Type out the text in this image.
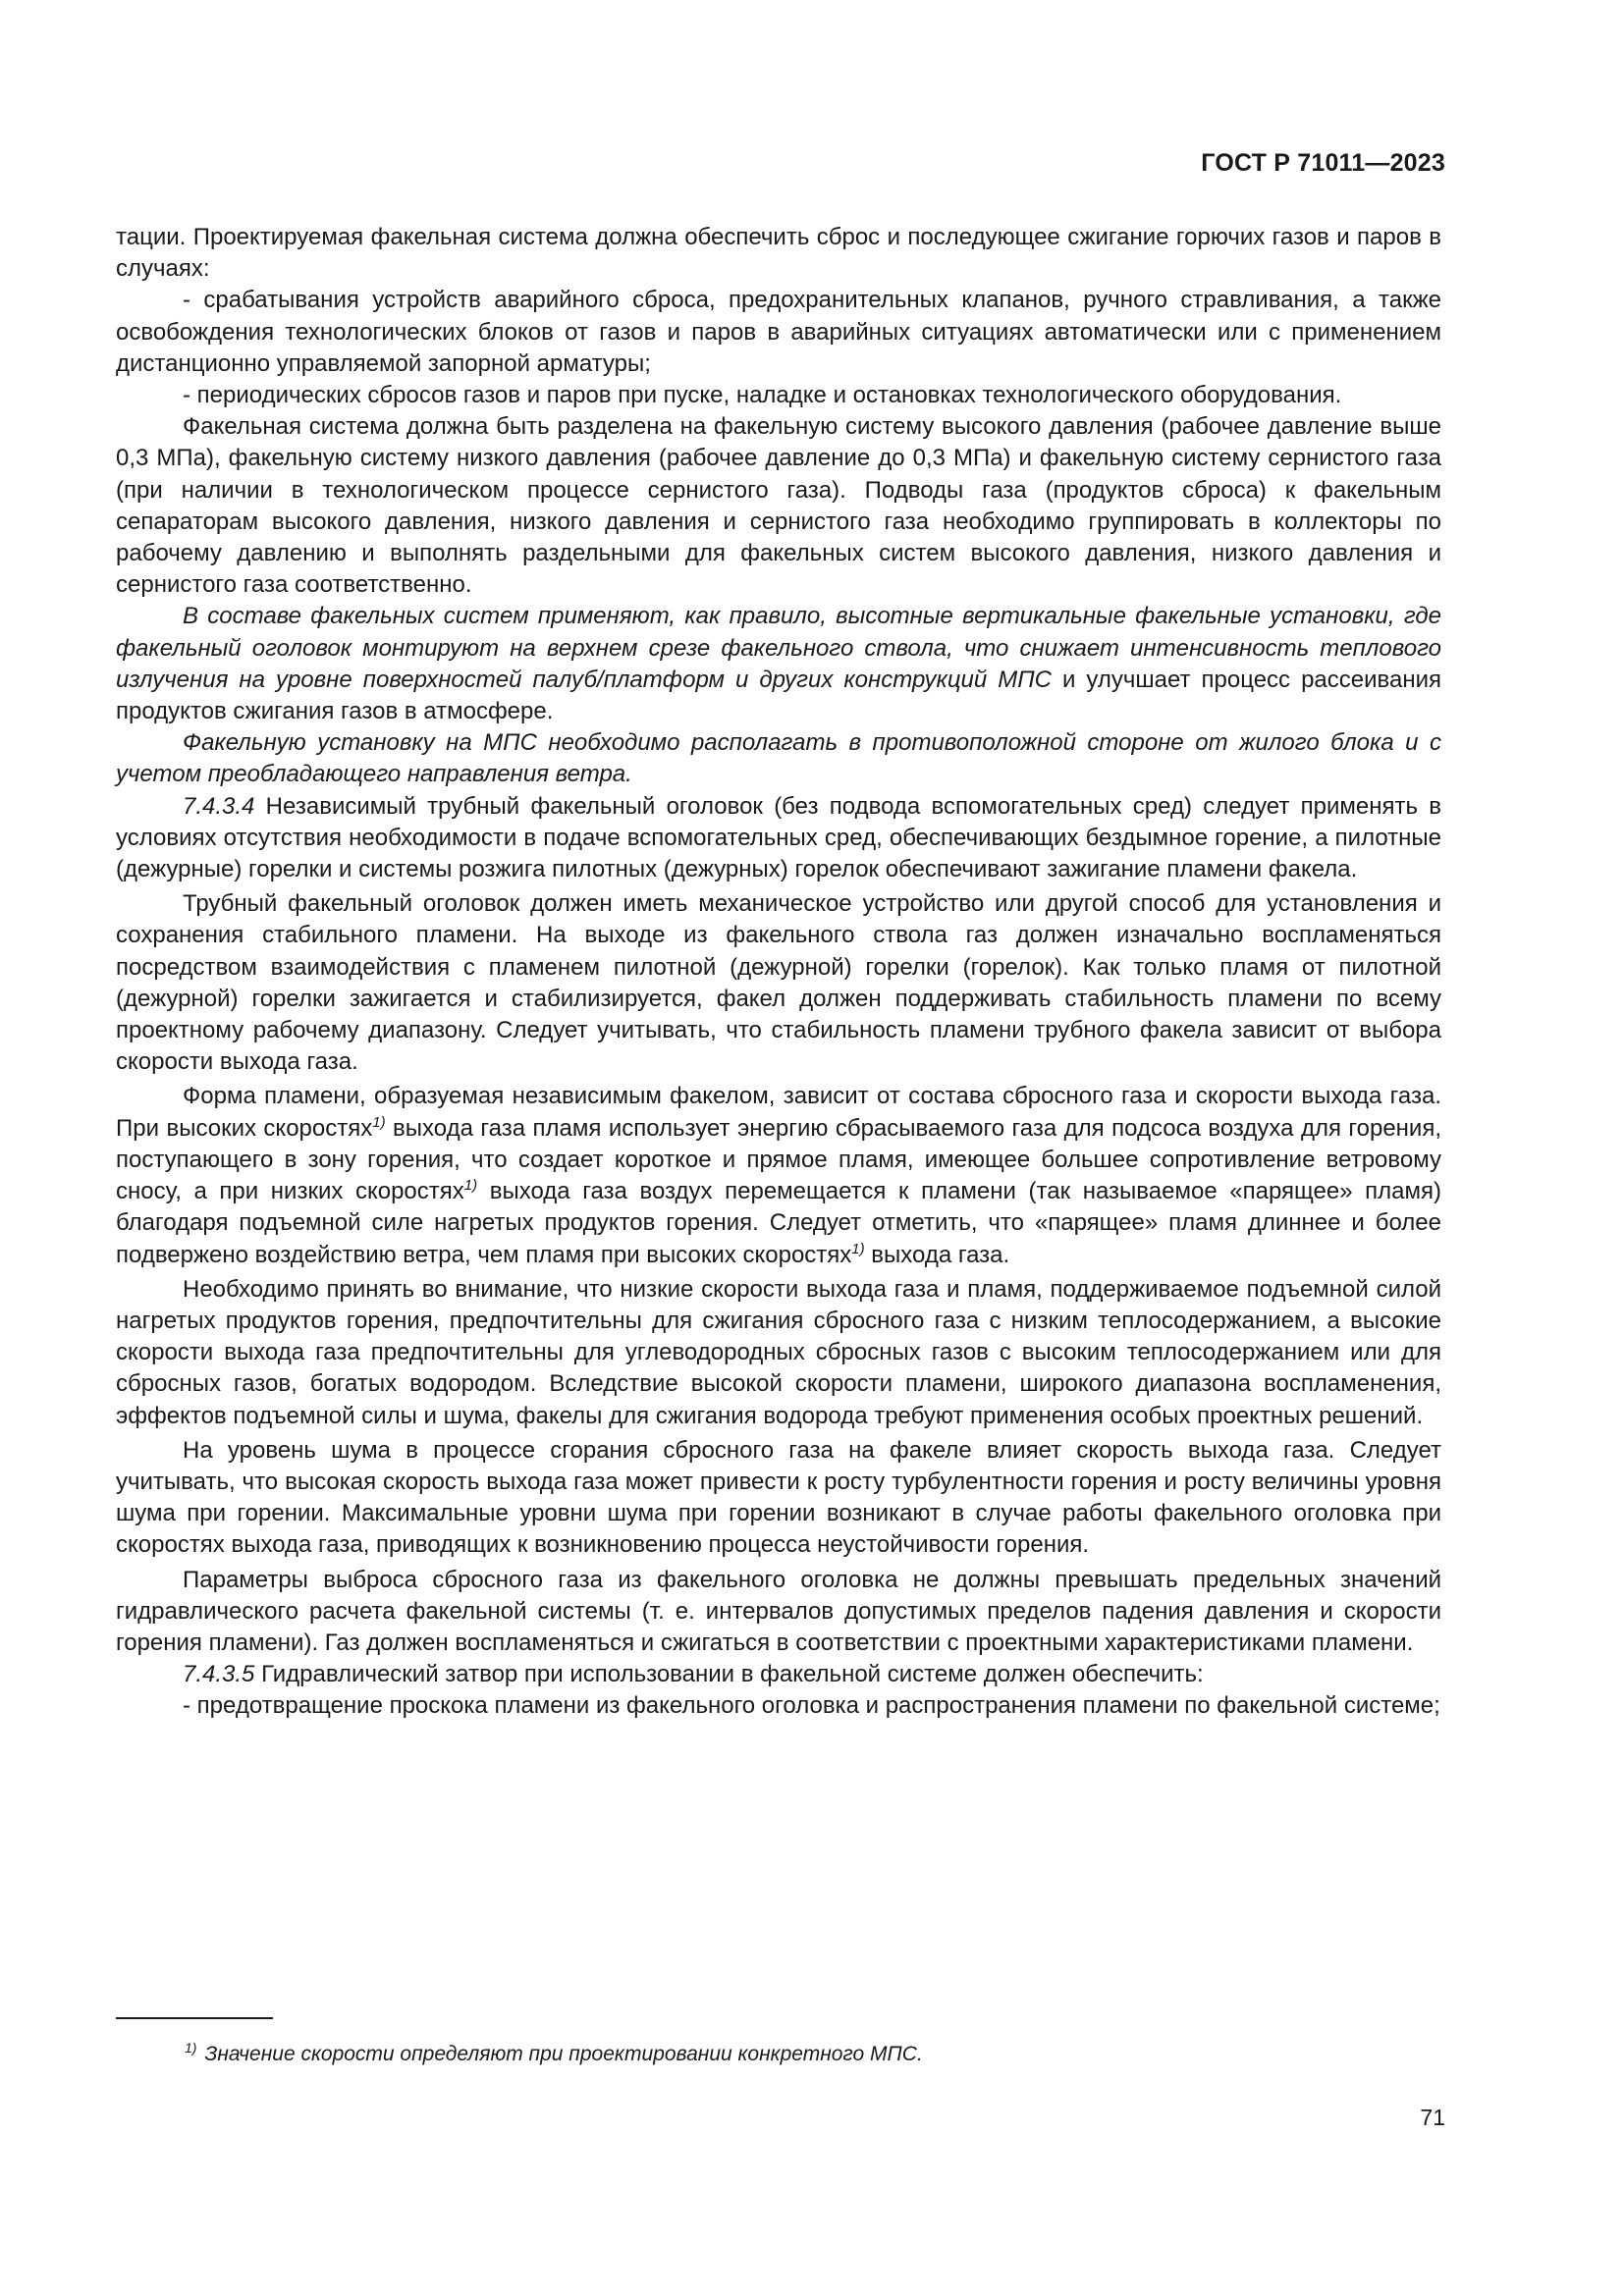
ГОСТ Р 71011—2023

тации. Проектируемая факельная система должна обеспечить сброс и последующее сжигание горючих газов и паров в случаях:

- срабатывания устройств аварийного сброса, предохранительных клапанов, ручного стравливания, а также освобождения технологических блоков от газов и паров в аварийных ситуациях автоматически или с применением дистанционно управляемой запорной арматуры;

- периодических сбросов газов и паров при пуске, наладке и остановках технологического оборудования.

Факельная система должна быть разделена на факельную систему высокого давления (рабочее давление выше 0,3 МПа), факельную систему низкого давления (рабочее давление до 0,3 МПа) и факельную систему сернистого газа (при наличии в технологическом процессе сернистого газа). Подводы газа (продуктов сброса) к факельным сепараторам высокого давления, низкого давления и сернистого газа необходимо группировать в коллекторы по рабочему давлению и выполнять раздельными для факельных систем высокого давления, низкого давления и сернистого газа соответственно.

В составе факельных систем применяют, как правило, высотные вертикальные факельные установки, где факельный оголовок монтируют на верхнем срезе факельного ствола, что снижает интенсивность теплового излучения на уровне поверхностей палуб/платформ и других конструкций МПС и улучшает процесс рассеивания продуктов сжигания газов в атмосфере.

Факельную установку на МПС необходимо располагать в противоположной стороне от жилого блока и с учетом преобладающего направления ветра.

7.4.3.4 Независимый трубный факельный оголовок (без подвода вспомогательных сред) следует применять в условиях отсутствия необходимости в подаче вспомогательных сред, обеспечивающих бездымное горение, а пилотные (дежурные) горелки и системы розжига пилотных (дежурных) горелок обеспечивают зажигание пламени факела.

Трубный факельный оголовок должен иметь механическое устройство или другой способ для установления и сохранения стабильного пламени. На выходе из факельного ствола газ должен изначально воспламеняться посредством взаимодействия с пламенем пилотной (дежурной) горелки (горелок). Как только пламя от пилотной (дежурной) горелки зажигается и стабилизируется, факел должен поддерживать стабильность пламени по всему проектному рабочему диапазону. Следует учитывать, что стабильность пламени трубного факела зависит от выбора скорости выхода газа.

Форма пламени, образуемая независимым факелом, зависит от состава сбросного газа и скорости выхода газа. При высоких скоростях$^{1)}$ выхода газа пламя использует энергию сбрасываемого газа для подсоса воздуха для горения, поступающего в зону горения, что создает короткое и прямое пламя, имеющее большее сопротивление ветровому сносу, а при низких скоростях$^{1)}$ выхода газа воздух перемещается к пламени (так называемое «парящее» пламя) благодаря подъемной силе нагретых продуктов горения. Следует отметить, что «парящее» пламя длиннее и более подвержено воздействию ветра, чем пламя при высоких скоростях$^{1)}$ выхода газа.

Необходимо принять во внимание, что низкие скорости выхода газа и пламя, поддерживаемое подъемной силой нагретых продуктов горения, предпочтительны для сжигания сбросного газа с низким теплосодержанием, а высокие скорости выхода газа предпочтительны для углеводородных сбросных газов с высоким теплосодержанием или для сбросных газов, богатых водородом. Вследствие высокой скорости пламени, широкого диапазона воспламенения, эффектов подъемной силы и шума, факелы для сжигания водорода требуют применения особых проектных решений.

На уровень шума в процессе сгорания сбросного газа на факеле влияет скорость выхода газа. Следует учитывать, что высокая скорость выхода газа может привести к росту турбулентности горения и росту величины уровня шума при горении. Максимальные уровни шума при горении возникают в случае работы факельного оголовка при скоростях выхода газа, приводящих к возникновению процесса неустойчивости горения.

Параметры выброса сбросного газа из факельного оголовка не должны превышать предельных значений гидравлического расчета факельной системы (т. е. интервалов допустимых пределов падения давления и скорости горения пламени). Газ должен воспламеняться и сжигаться в соответствии с проектными характеристиками пламени.

7.4.3.5 Гидравлический затвор при использовании в факельной системе должен обеспечить:

- предотвращение проскока пламени из факельного оголовка и распространения пламени по факельной системе;

$^{1)}$ Значение скорости определяют при проектировании конкретного МПС.
71
